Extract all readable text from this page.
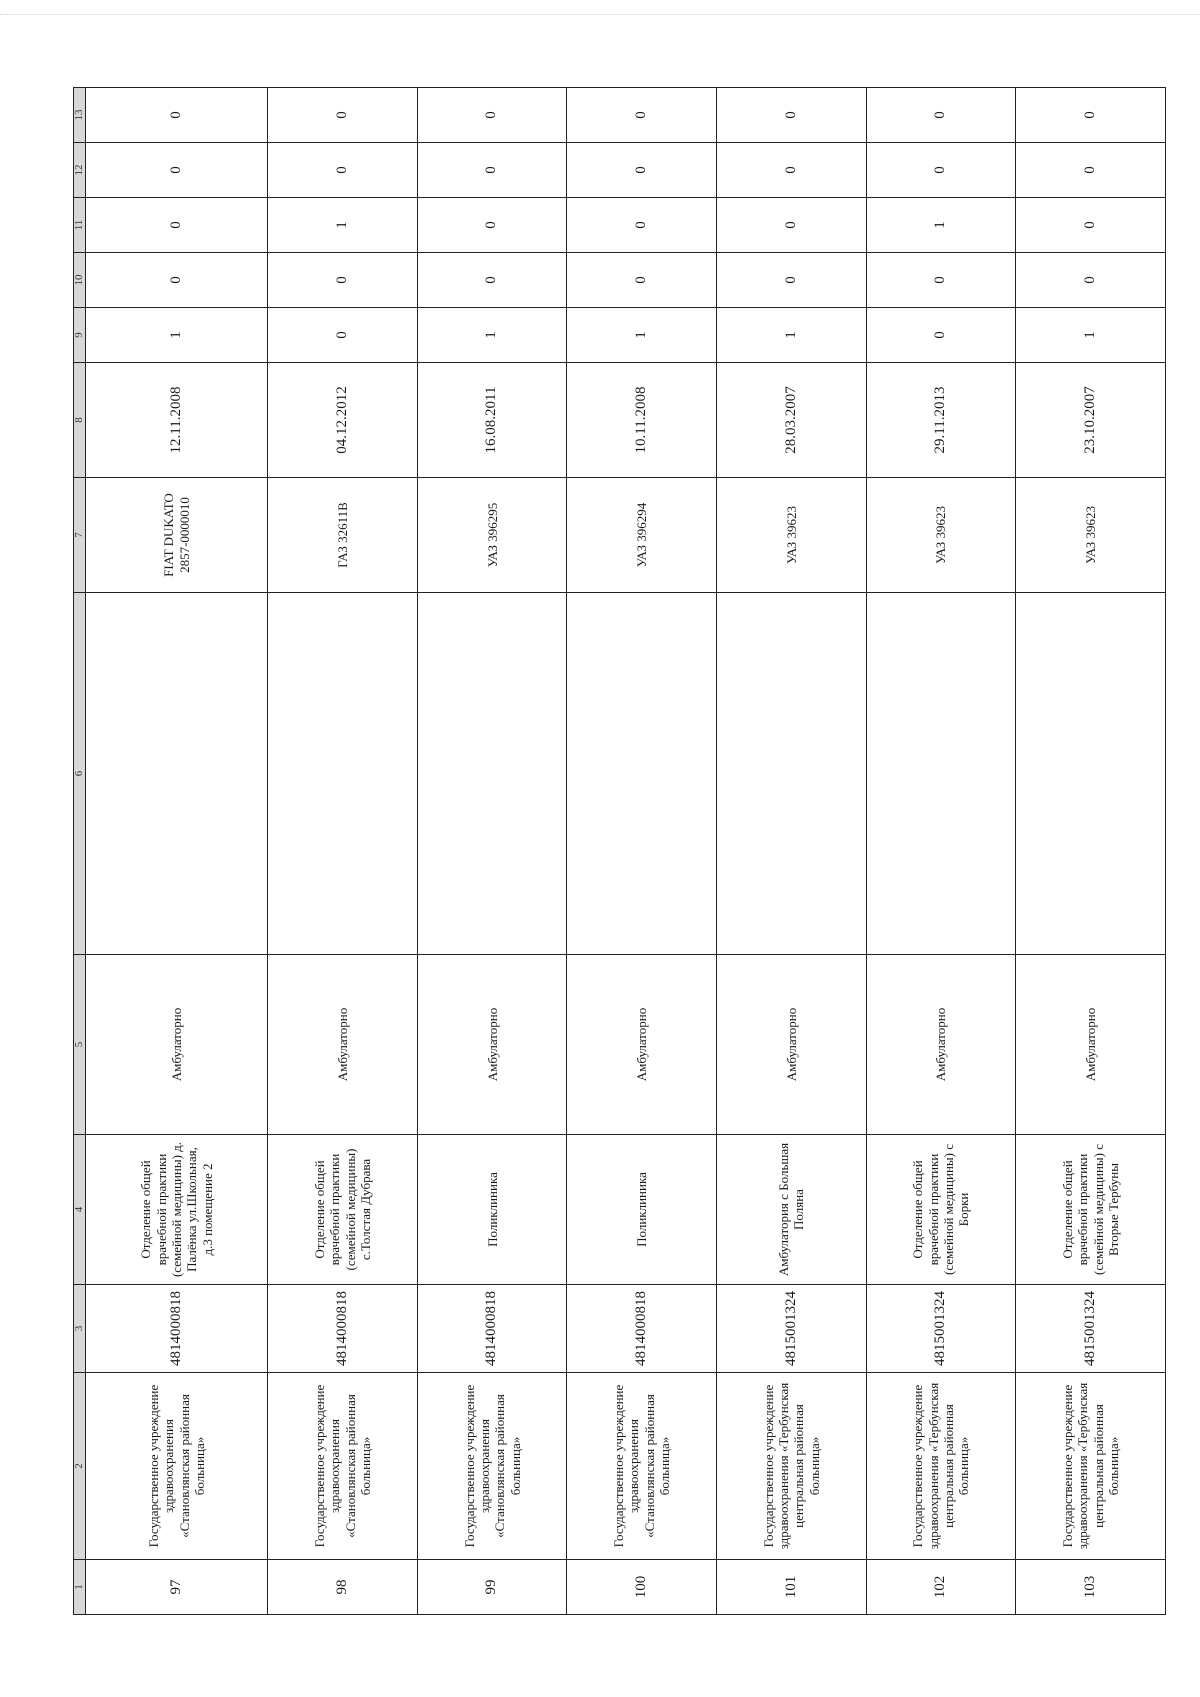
1	2	3	4	5	6	7	8	9	10	11	12	13
97	Государственное учреждение здравоохранения «Становлянская районная больница»	4814000818	Отделение общей врачебной практики (семейной медицины) д. Палёнка ул.Школьная, д.3 помещение 2	Амбулаторно		FIAT DUKATO 2857-0000010	12.11.2008	1	0	0	0	0
98	Государственное учреждение здравоохранения «Становлянская районная больница»	4814000818	Отделение общей врачебной практики (семейной медицины) с.Толстая Дубрава	Амбулаторно		ГАЗ 32611В	04.12.2012	0	0	1	0	0
99	Государственное учреждение здравоохранения «Становлянская районная больница»	4814000818	Поликлиника	Амбулаторно		УАЗ 396295	16.08.2011	1	0	0	0	0
100	Государственное учреждение здравоохранения «Становлянская районная больница»	4814000818	Поликлиника	Амбулаторно		УАЗ 396294	10.11.2008	1	0	0	0	0
101	Государственное учреждение здравоохранения «Тербунская центральная районная больница»	4815001324	Амбулатория с Большая Поляна	Амбулаторно		УАЗ 39623	28.03.2007	1	0	0	0	0
102	Государственное учреждение здравоохранения «Тербунская центральная районная больница»	4815001324	Отделение общей врачебной практики (семейной медицины) с Борки	Амбулаторно		УАЗ 39623	29.11.2013	0	0	1	0	0
103	Государственное учреждение здравоохранения «Тербунская центральная районная больница»	4815001324	Отделение общей врачебной практики (семейной медицины) с Вторые Тербуны	Амбулаторно		УАЗ 39623	23.10.2007	1	0	0	0	0
